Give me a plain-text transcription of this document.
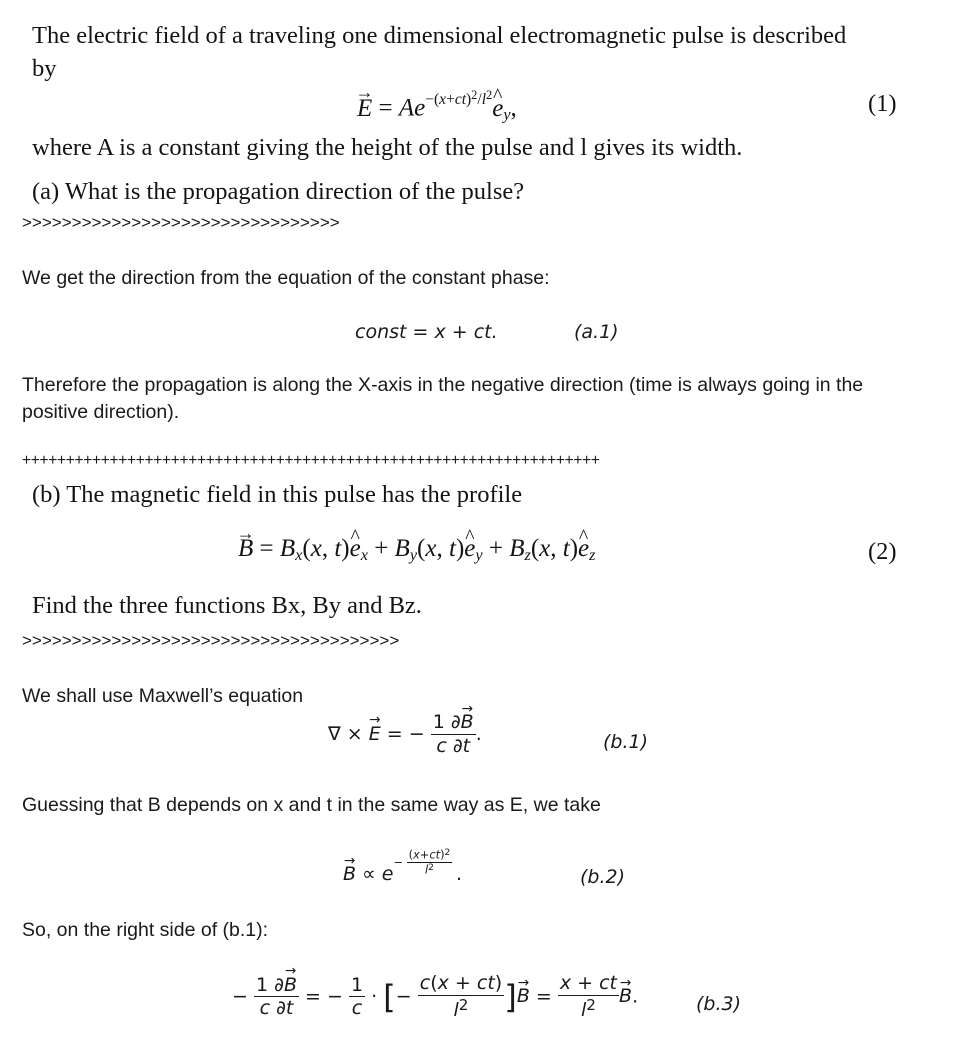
The electric field of a traveling one dimensional electromagnetic pulse is described
by
→ $E = Ae^{-(x+ct)^2/l^2}\^{}$ $e_y$,	(1)
where A is a constant giving the height of the pulse and l gives its width.
(a) What is the propagation direction of the pulse?
>>>>>>>>>>>>>>>>>>>>>>>>>>>>>>>>
We get the direction from the equation of the constant phase:
const = x + ct.	(a.1)
Therefore the propagation is along the X-axis in the negative direction (time is always going in the
positive direction).
++++++++++++++++++++++++++++++++++++++++++++++++++++++++++++++++++
(b) The magnetic field in this pulse has the profile
→ $B = B_x(x$, t)^ $e_x + B_y(x$, t)^ $e_y + B_z(x$, t)^ $e_z$	(2)
Find the three functions Bx, By and Bz.
>>>>>>>>>>>>>>>>>>>>>>>>>>>>>>>>>>>>>>
We shall use Maxwell’s equation
∇ × → E = − $\frac{1 \partial\to B}{c \partial t}$ .	(b.1)
Guessing that B depends on x and t in the same way as E, we take
→ $B \propto e^{- \frac{(x+ct)^2}{l^2}}$ .	(b.2)
So, on the right side of (b.1):
− $\frac{1 \partial\to B}{c \partial t}$ = − $\frac{1}{c}$ · [− $\frac{c(x + ct)}{l^2}$ ]→ $B = \frac{x + ct}{l^2} \to B$.	(b.3)
